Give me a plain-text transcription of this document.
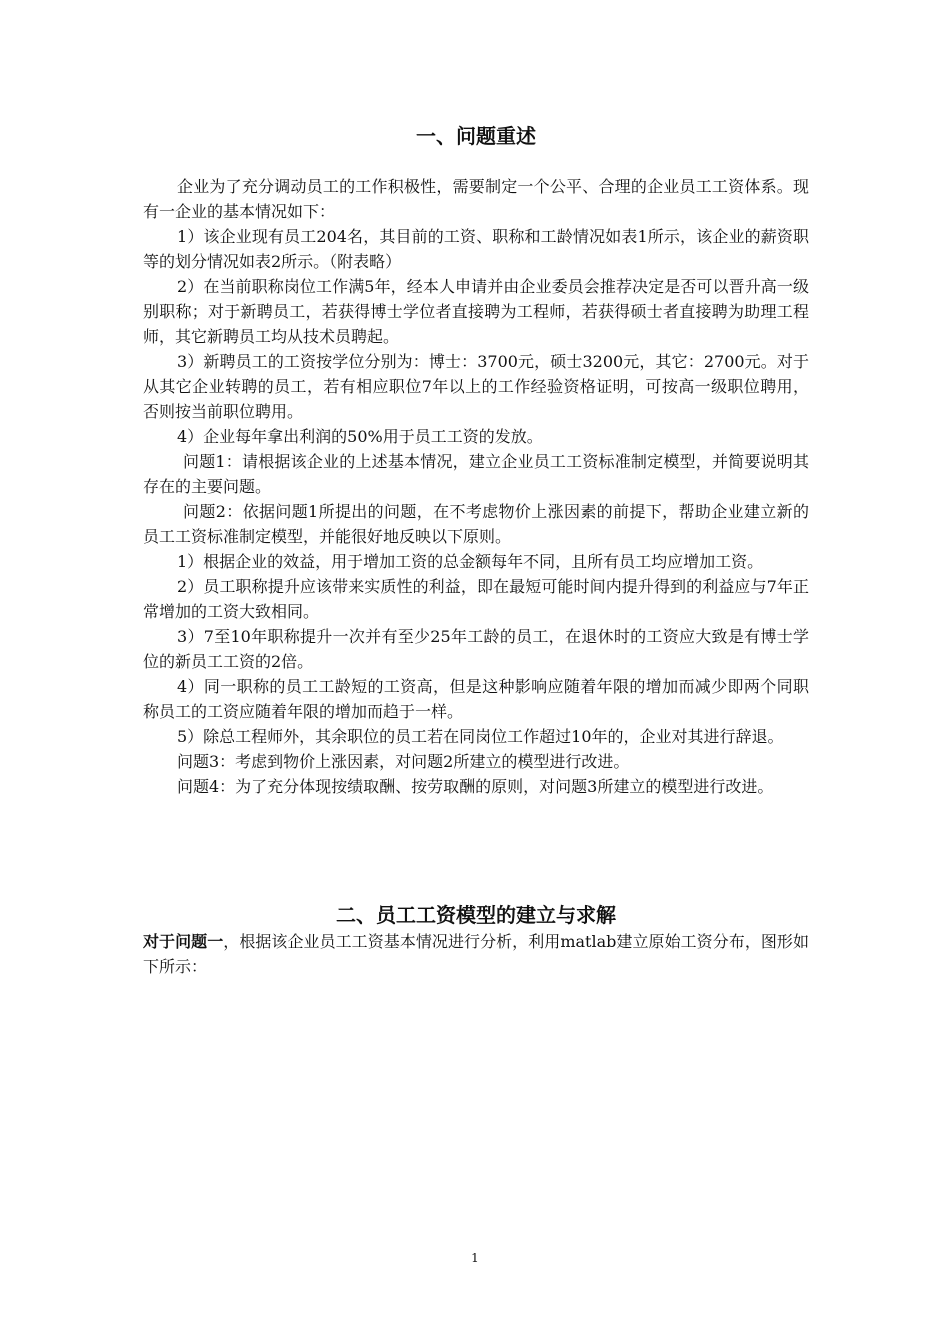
一、问题重述

企业为了充分调动员工的工作积极性，需要制定一个公平、合理的企业员工工资体系。现有一企业的基本情况如下：

1）该企业现有员工204名，其目前的工资、职称和工龄情况如表1所示，该企业的薪资职等的划分情况如表2所示。（附表略）

2）在当前职称岗位工作满5年，经本人申请并由企业委员会推荐决定是否可以晋升高一级别职称；对于新聘员工，若获得博士学位者直接聘为工程师，若获得硕士者直接聘为助理工程师，其它新聘员工均从技术员聘起。

3）新聘员工的工资按学位分别为：博士：3700元，硕士3200元，其它：2700元。对于从其它企业转聘的员工，若有相应职位7年以上的工作经验资格证明，可按高一级职位聘用，否则按当前职位聘用。

4）企业每年拿出利润的50%用于员工工资的发放。

问题1：请根据该企业的上述基本情况，建立企业员工工资标准制定模型，并简要说明其存在的主要问题。

问题2：依据问题1所提出的问题，在不考虑物价上涨因素的前提下，帮助企业建立新的员工工资标准制定模型，并能很好地反映以下原则。

1）根据企业的效益，用于增加工资的总金额每年不同，且所有员工均应增加工资。

2）员工职称提升应该带来实质性的利益，即在最短可能时间内提升得到的利益应与7年正常增加的工资大致相同。

3）7至10年职称提升一次并有至少25年工龄的员工，在退休时的工资应大致是有博士学位的新员工工资的2倍。

4）同一职称的员工工龄短的工资高，但是这种影响应随着年限的增加而减少即两个同职称员工的工资应随着年限的增加而趋于一样。

5）除总工程师外，其余职位的员工若在同岗位工作超过10年的，企业对其进行辞退。

问题3：考虑到物价上涨因素，对问题2所建立的模型进行改进。

问题4：为了充分体现按绩取酬、按劳取酬的原则，对问题3所建立的模型进行改进。

二、员工工资模型的建立与求解

对于问题一，根据该企业员工工资基本情况进行分析，利用matlab建立原始工资分布，图形如下所示：

1
